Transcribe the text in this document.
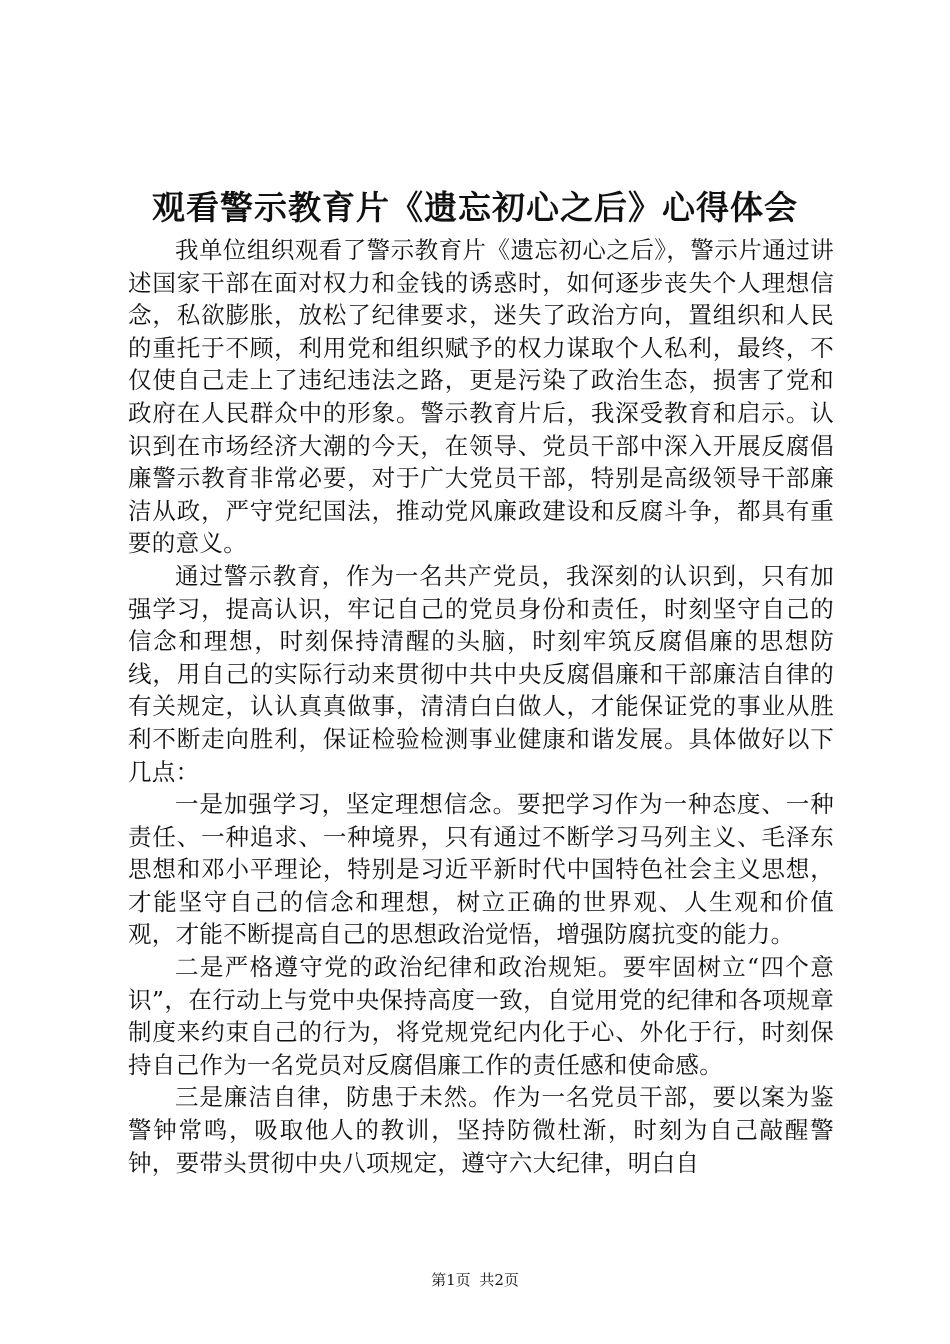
观看警示教育片《遗忘初心之后》心得体会

我单位组织观看了警示教育片《遗忘初心之后》，警示片通过讲述国家干部在面对权力和金钱的诱惑时，如何逐步丧失个人理想信念，私欲膨胀，放松了纪律要求，迷失了政治方向，置组织和人民的重托于不顾，利用党和组织赋予的权力谋取个人私利，最终，不仅使自己走上了违纪违法之路，更是污染了政治生态，损害了党和政府在人民群众中的形象。警示教育片后，我深受教育和启示。认识到在市场经济大潮的今天，在领导、党员干部中深入开展反腐倡廉警示教育非常必要，对于广大党员干部，特别是高级领导干部廉洁从政，严守党纪国法，推动党风廉政建设和反腐斗争，都具有重要的意义。

通过警示教育，作为一名共产党员，我深刻的认识到，只有加强学习，提高认识，牢记自己的党员身份和责任，时刻坚守自己的信念和理想，时刻保持清醒的头脑，时刻牢筑反腐倡廉的思想防线，用自己的实际行动来贯彻中共中央反腐倡廉和干部廉洁自律的有关规定，认认真真做事，清清白白做人，才能保证党的事业从胜利不断走向胜利，保证检验检测事业健康和谐发展。具体做好以下几点：

一是加强学习，坚定理想信念。要把学习作为一种态度、一种责任、一种追求、一种境界，只有通过不断学习马列主义、毛泽东思想和邓小平理论，特别是习近平新时代中国特色社会主义思想，才能坚守自己的信念和理想，树立正确的世界观、人生观和价值观，才能不断提高自己的思想政治觉悟，增强防腐抗变的能力。

二是严格遵守党的政治纪律和政治规矩。要牢固树立“四个意识”，在行动上与党中央保持高度一致，自觉用党的纪律和各项规章制度来约束自己的行为，将党规党纪内化于心、外化于行，时刻保持自己作为一名党员对反腐倡廉工作的责任感和使命感。

三是廉洁自律，防患于未然。作为一名党员干部，要以案为鉴警钟常鸣，吸取他人的教训，坚持防微杜渐，时刻为自己敲醒警钟，要带头贯彻中央八项规定，遵守六大纪律，明白自

第1页 共2页
